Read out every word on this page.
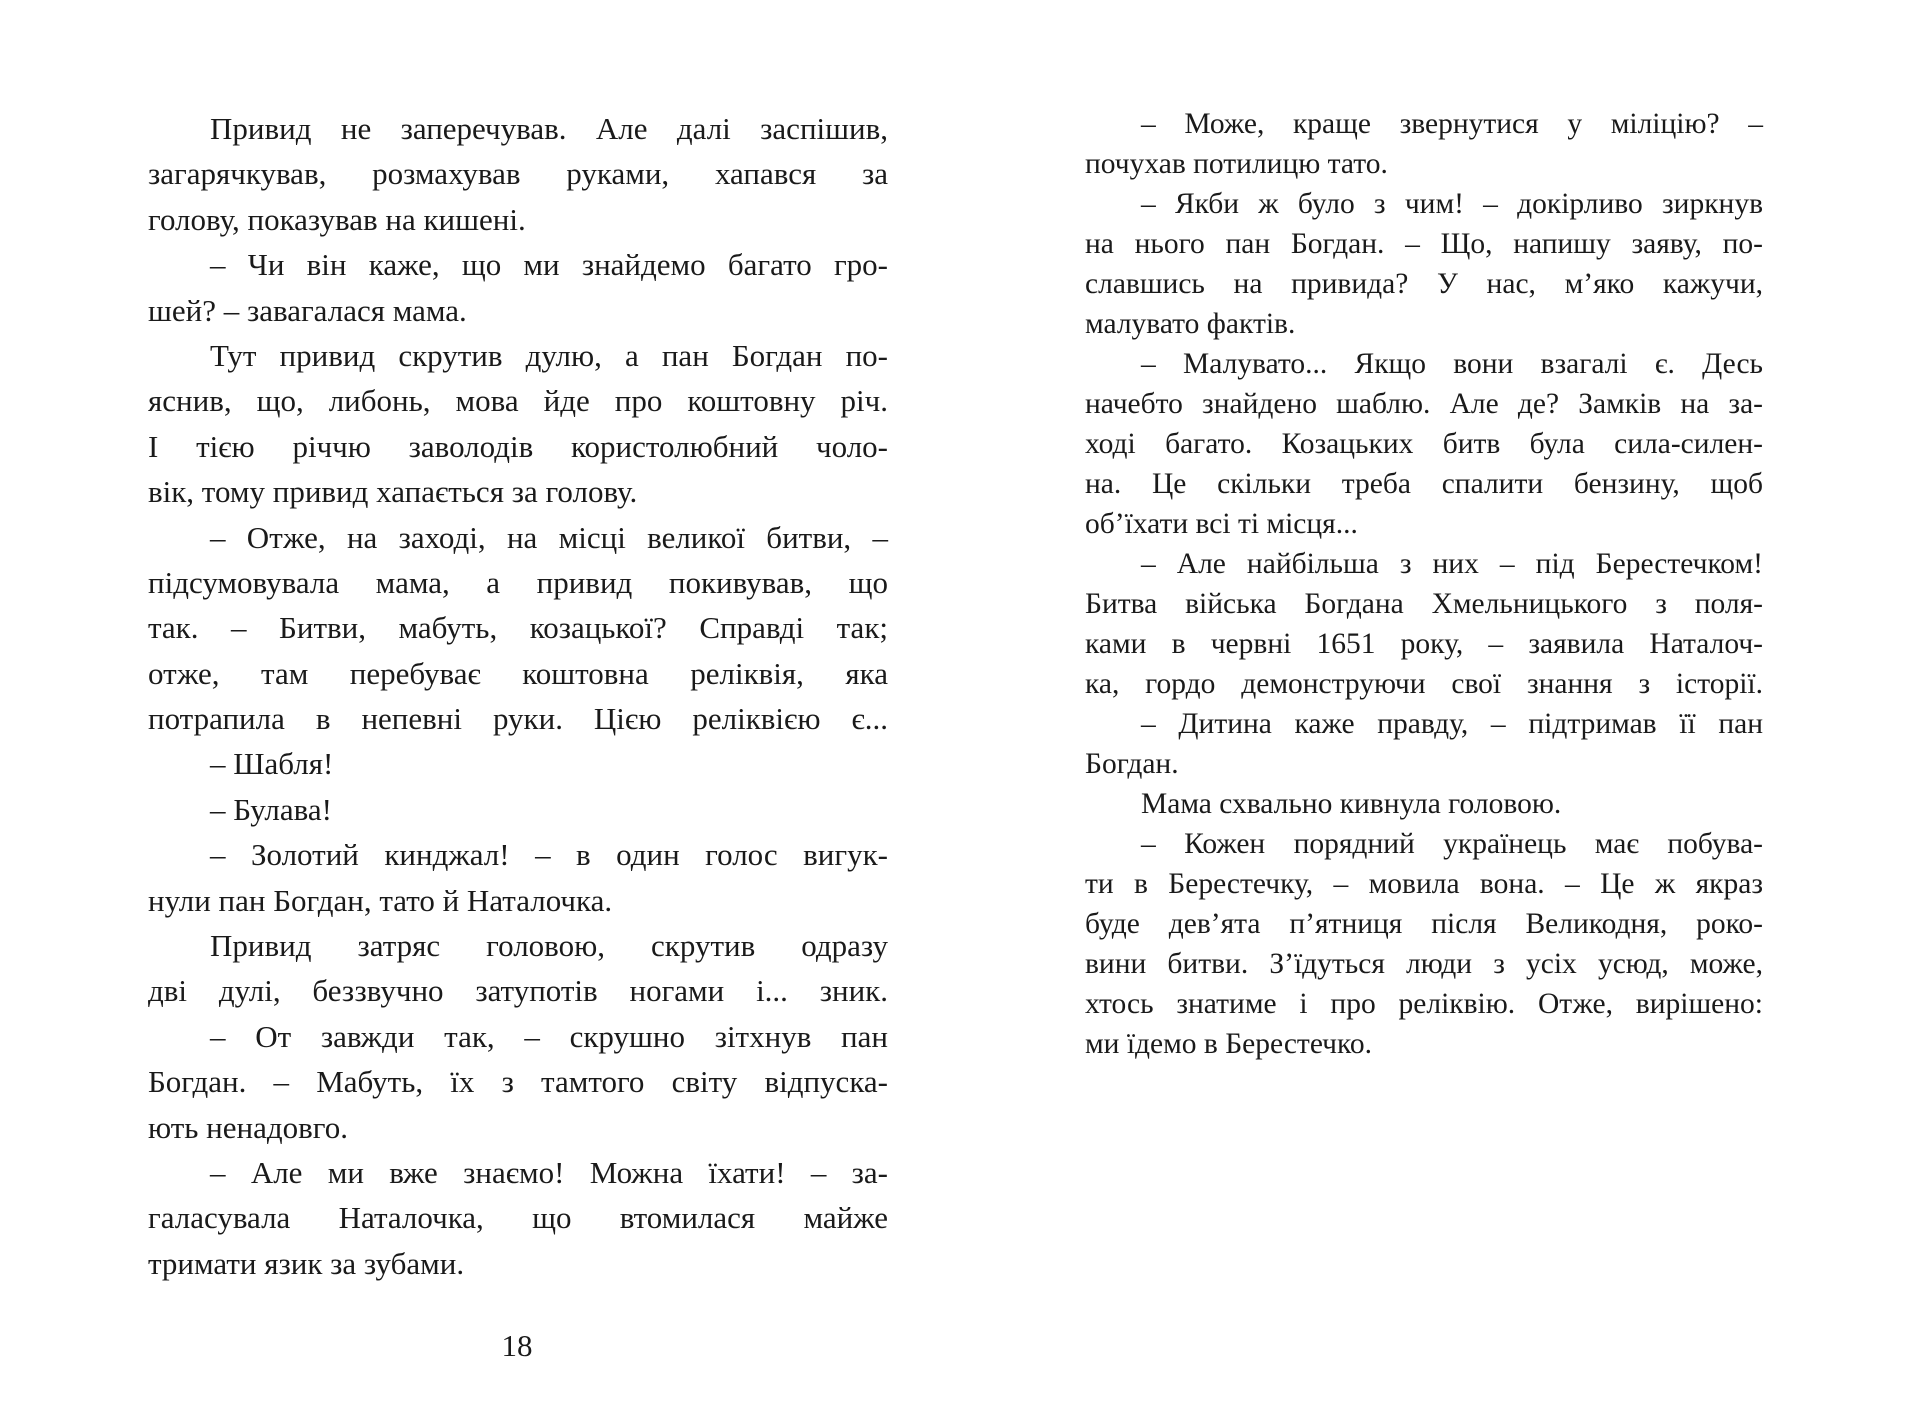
Привид не заперечував. Але далі заспішив,
загарячкував, розмахував руками, хапався за
голову, показував на кишені.
– Чи він каже, що ми знайдемо багато гро-
шей? – завагалася мама.
Тут привид скрутив дулю, а пан Богдан по-
яснив, що, либонь, мова йде про коштовну річ.
І тією річчю заволодів користолюбний чоло-
вік, тому привид хапається за голову.
– Отже, на заході, на місці великої битви, –
підсумовувала мама, а привид покивував, що
так. – Битви, мабуть, козацької? Справді так;
отже, там перебуває коштовна реліквія, яка
потрапила в непевні руки. Цією реліквією є...
– Шабля!
– Булава!
– Золотий кинджал! – в один голос вигук-
нули пан Богдан, тато й Наталочка.
Привид затряс головою, скрутив одразу
дві дулі, беззвучно затупотів ногами і... зник.
– От завжди так, – скрушно зітхнув пан
Богдан. – Мабуть, їх з тамтого світу відпуска-
ють ненадовго.
– Але ми вже знаємо! Можна їхати! – за-
галасувала Наталочка, що втомилася майже
тримати язик за зубами.
– Може, краще звернутися у міліцію? –
почухав потилицю тато.
– Якби ж було з чим! – докірливо зиркнув
на нього пан Богдан. – Що, напишу заяву, по-
славшись на привида? У нас, м’яко кажучи,
малувато фактів.
– Малувато... Якщо вони взагалі є. Десь
начебто знайдено шаблю. Але де? Замків на за-
ході багато. Козацьких битв була сила-силен-
на. Це скільки треба спалити бензину, щоб
об’їхати всі ті місця...
– Але найбільша з них – під Берестечком!
Битва війська Богдана Хмельницького з поля-
ками в червні 1651 року, – заявила Наталоч-
ка, гордо демонструючи свої знання з історії.
– Дитина каже правду, – підтримав її пан
Богдан.
Мама схвально кивнула головою.
– Кожен порядний українець має побува-
ти в Берестечку, – мовила вона. – Це ж якраз
буде дев’ята п’ятниця після Великодня, роко-
вини битви. З’їдуться люди з усіх усюд, може,
хтось знатиме і про реліквію. Отже, вирішено:
ми їдемо в Берестечко.
18
